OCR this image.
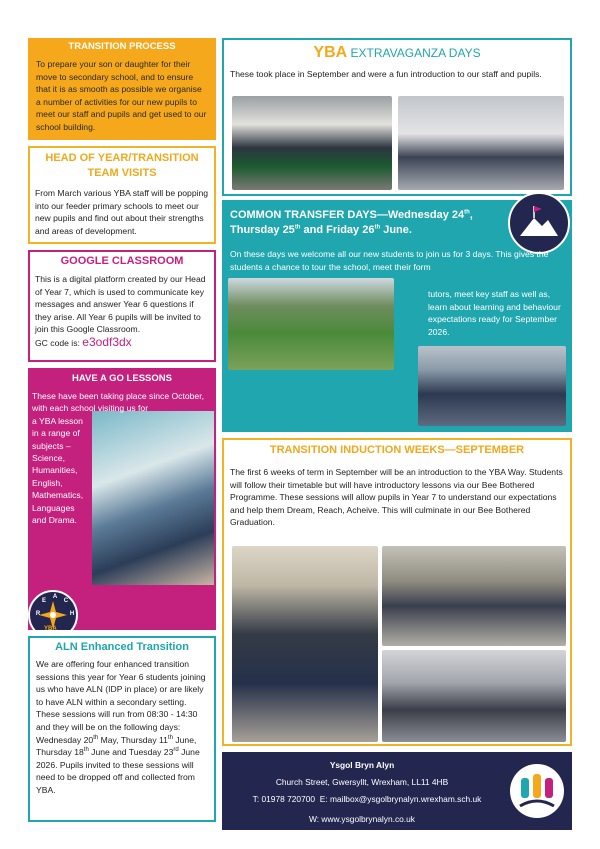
TRANSITION PROCESS
To prepare your son or daughter for their move to secondary school, and to ensure that it is as smooth as possible we organise a number of activities for our new pupils to meet our staff and pupils and get used to our school building.
HEAD OF YEAR/TRANSITION TEAM VISITS
From March various YBA staff will be popping into our feeder primary schools to meet our new pupils and find out about their strengths and areas of development.
GOOGLE CLASSROOM
This is a digital platform created by our Head of Year 7, which is used to communicate key messages and answer Year 6 questions if they arise. All Year 6 pupils will be invited to join this Google Classroom.
GC code is: e3odf3dx
HAVE A GO LESSONS
These have been taking place since October, with each school visiting us for
a YBA lesson in a range of subjects – Science, Humanities, English, Mathematics, Languages and Drama.
R
E
A
C
H
YBA
ALN Enhanced Transition
We are offering four enhanced transition sessions this year for Year 6 students joining us who have ALN (IDP in place) or are likely to have ALN within a secondary setting. These sessions will run from 08:30 - 14:30 and they will be on the following days: Wednesday 20th May, Thursday 11th June, Thursday 18th June and Tuesday 23rd June 2026. Pupils invited to these sessions will need to be dropped off and collected from YBA.
YBA EXTRAVAGANZA DAYS
These took place in September and were a fun introduction to our staff and pupils.
COMMON TRANSFER DAYS—Wednesday 24th, Thursday 25th and Friday 26th June.
On these days we welcome all our new students to join us for 3 days. This gives the students a chance to tour the school, meet their form
tutors, meet key staff as well as, learn about learning and behaviour expectations ready for September 2026.
TRANSITION INDUCTION WEEKS—SEPTEMBER
The first 6 weeks of term in September will be an introduction to the YBA Way. Students will follow their timetable but will have introductory lessons via our Bee Bothered Programme. These sessions will allow pupils in Year 7 to understand our expectations and help them Dream, Reach, Acheive. This will culminate in our Bee Bothered Graduation.
Ysgol Bryn Alyn
Church Street, Gwersyllt, Wrexham, LL11 4HB
T: 01978 720700 E: mailbox@ysgolbrynalyn.wrexham.sch.uk
W: www.ysgolbrynalyn.co.uk
